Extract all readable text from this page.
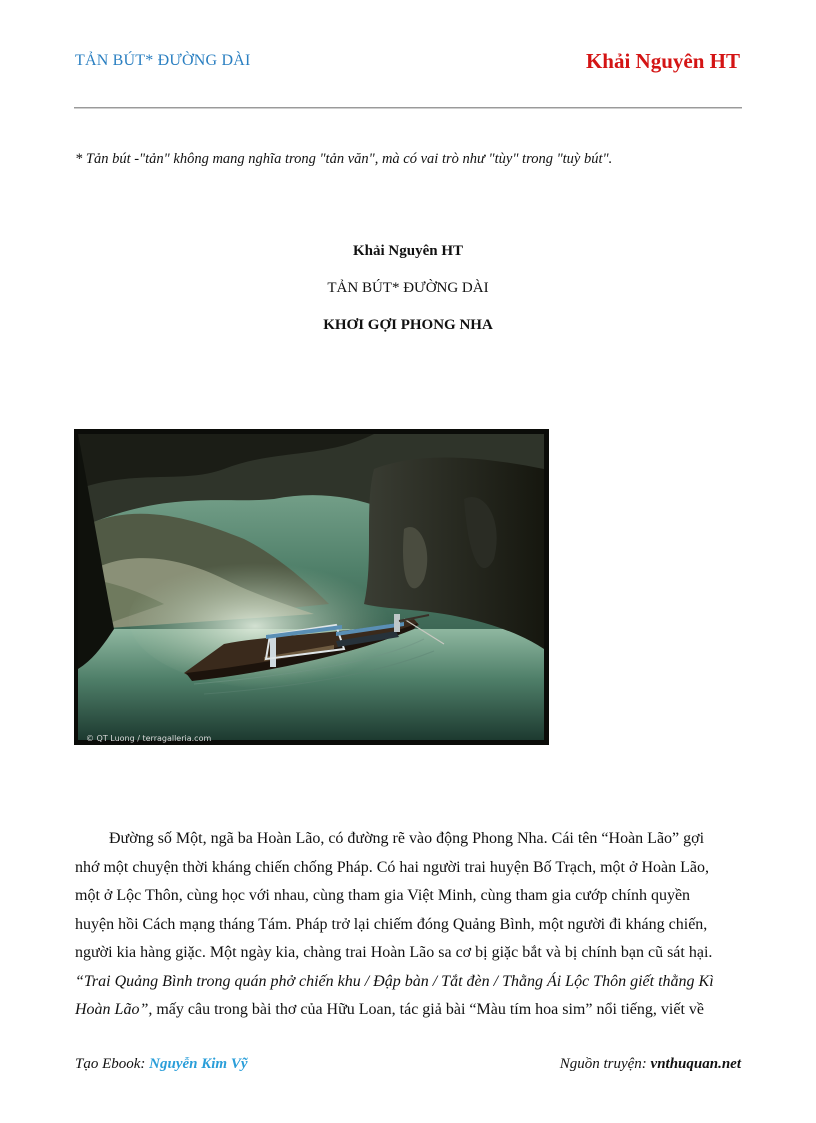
TẢN BÚT* ĐƯỜNG DÀI	Khải Nguyên HT
* Tản bút -"tản" không mang nghĩa trong "tản văn", mà có vai trò như "tùy" trong "tuỳ bút".
Khải Nguyên HT
TẢN BÚT* ĐƯỜNG DÀI
KHƠI GỢI PHONG NHA
© QT Luong / terragalleria.com
Đường số Một, ngã ba Hoàn Lão, có đường rẽ vào động Phong Nha. Cái tên “Hoàn Lão” gợi
nhớ một chuyện thời kháng chiến chống Pháp. Có hai người trai huyện Bố Trạch, một ở Hoàn Lão,
một ở Lộc Thôn, cùng học với nhau, cùng tham gia Việt Minh, cùng tham gia cướp chính quyền
huyện hồi Cách mạng tháng Tám. Pháp trở lại chiếm đóng Quảng Bình, một người đi kháng chiến,
người kia hàng giặc. Một ngày kia, chàng trai Hoàn Lão sa cơ bị giặc bắt và bị chính bạn cũ sát hại.
“Trai Quảng Bình trong quán phở chiến khu / Đập bàn / Tắt đèn / Thằng Ái Lộc Thôn giết thằng Kì
Hoàn Lão”, mấy câu trong bài thơ của Hữu Loan, tác giả bài “Màu tím hoa sim” nổi tiếng, viết về
Tạo Ebook: Nguyễn Kim Vỹ	Nguồn truyện: vnthuquan.net
